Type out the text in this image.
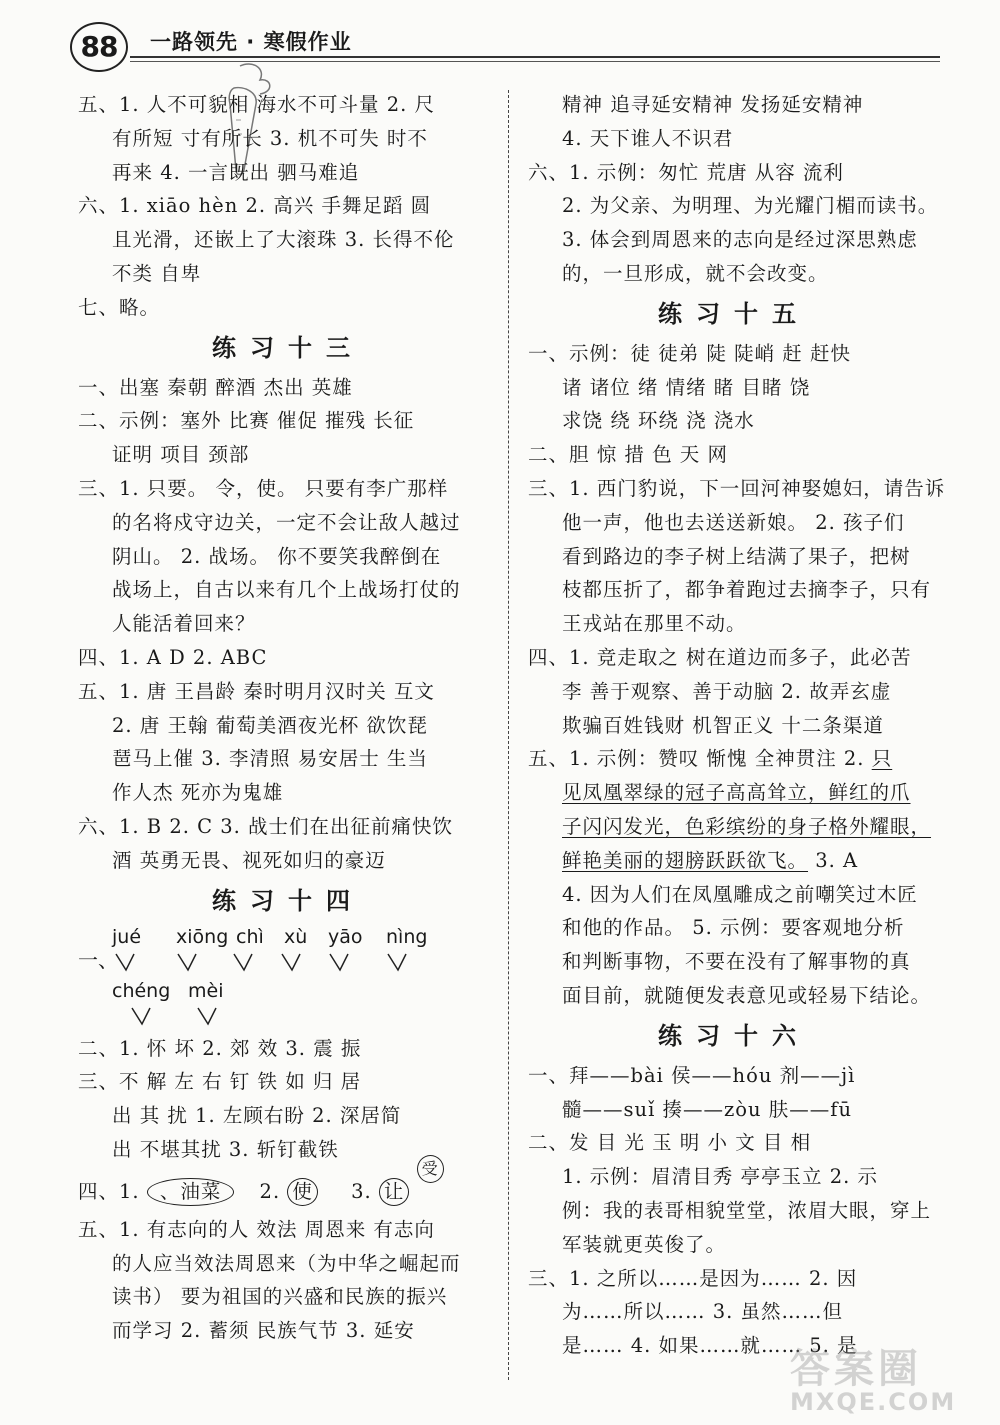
88	一路领先 · 寒假作业
五、1. 人不可貌相 海水不可斗量 2. 尺
有所短 寸有所长 3. 机不可失 时不
再来 4. 一言既出 驷马难追
六、1. xiāo hèn 2. 高兴 手舞足蹈 圆
且光滑，还嵌上了大滚珠 3. 长得不伦
不类 自卑
七、略。
练习十三
一、出塞 秦朝 醉酒 杰出 英雄
二、示例：塞外 比赛 催促 摧残 长征
证明 项目 颈部
三、1. 只要。 令，使。 只要有李广那样
的名将戍守边关，一定不会让敌人越过
阴山。 2. 战场。 你不要笑我醉倒在
战场上，自古以来有几个上战场打仗的
人能活着回来？
四、1. A D 2. ABC
五、1. 唐 王昌龄 秦时明月汉时关 互文
2. 唐 王翰 葡萄美酒夜光杯 欲饮琵
琶马上催 3. 李清照 易安居士 生当
作人杰 死亦为鬼雄
六、1. B 2. C 3. 战士们在出征前痛快饮
酒 英勇无畏、视死如归的豪迈
练习十四
一、
jué xiōng chì xù yāo nìng
chéng mèi
二、1. 怀 坏 2. 郊 效 3. 震 振
三、不 解 左 右 钉 铁 如 归 居
出 其 扰 1. 左顾右盼 2. 深居简
出 不堪其扰 3. 斩钉截铁
四、1. 、油菜 2. 使 3. 让 受
五、1. 有志向的人 效法 周恩来 有志向
的人应当效法周恩来（为中华之崛起而
读书） 要为祖国的兴盛和民族的振兴
而学习 2. 蓄须 民族气节 3. 延安
精神 追寻延安精神 发扬延安精神
4. 天下谁人不识君
六、1. 示例：匆忙 荒唐 从容 流利
2. 为父亲、为明理、为光耀门楣而读书。
3. 体会到周恩来的志向是经过深思熟虑
的，一旦形成，就不会改变。
练习十五
一、示例：徒 徒弟 陡 陡峭 赶 赶快
诸 诸位 绪 情绪 睹 目睹 饶
求饶 绕 环绕 浇 浇水
二、胆 惊 措 色 天 网
三、1. 西门豹说，下一回河神娶媳妇，请告诉
他一声，他也去送送新娘。 2. 孩子们
看到路边的李子树上结满了果子，把树
枝都压折了，都争着跑过去摘李子，只有
王戎站在那里不动。
四、1. 竞走取之 树在道边而多子，此必苦
李 善于观察、善于动脑 2. 故弄玄虚
欺骗百姓钱财 机智正义 十二条渠道
五、1. 示例：赞叹 惭愧 全神贯注 2. 只
见凤凰翠绿的冠子高高耸立，鲜红的爪
子闪闪发光，色彩缤纷的身子格外耀眼，
鲜艳美丽的翅膀跃跃欲飞。 3. A
4. 因为人们在凤凰雕成之前嘲笑过木匠
和他的作品。 5. 示例：要客观地分析
和判断事物，不要在没有了解事物的真
面目前，就随便发表意见或轻易下结论。
练习十六
一、拜——bài 侯——hóu 剂——jì
髓——suǐ 揍——zòu 肤——fū
二、发 目 光 玉 明 小 文 目 相
1. 示例：眉清目秀 亭亭玉立 2. 示
例：我的表哥相貌堂堂，浓眉大眼，穿上
军装就更英俊了。
三、1. 之所以……是因为…… 2. 因
为……所以…… 3. 虽然……但
是…… 4. 如果……就…… 5. 是
答案圈
MXQE.COM
